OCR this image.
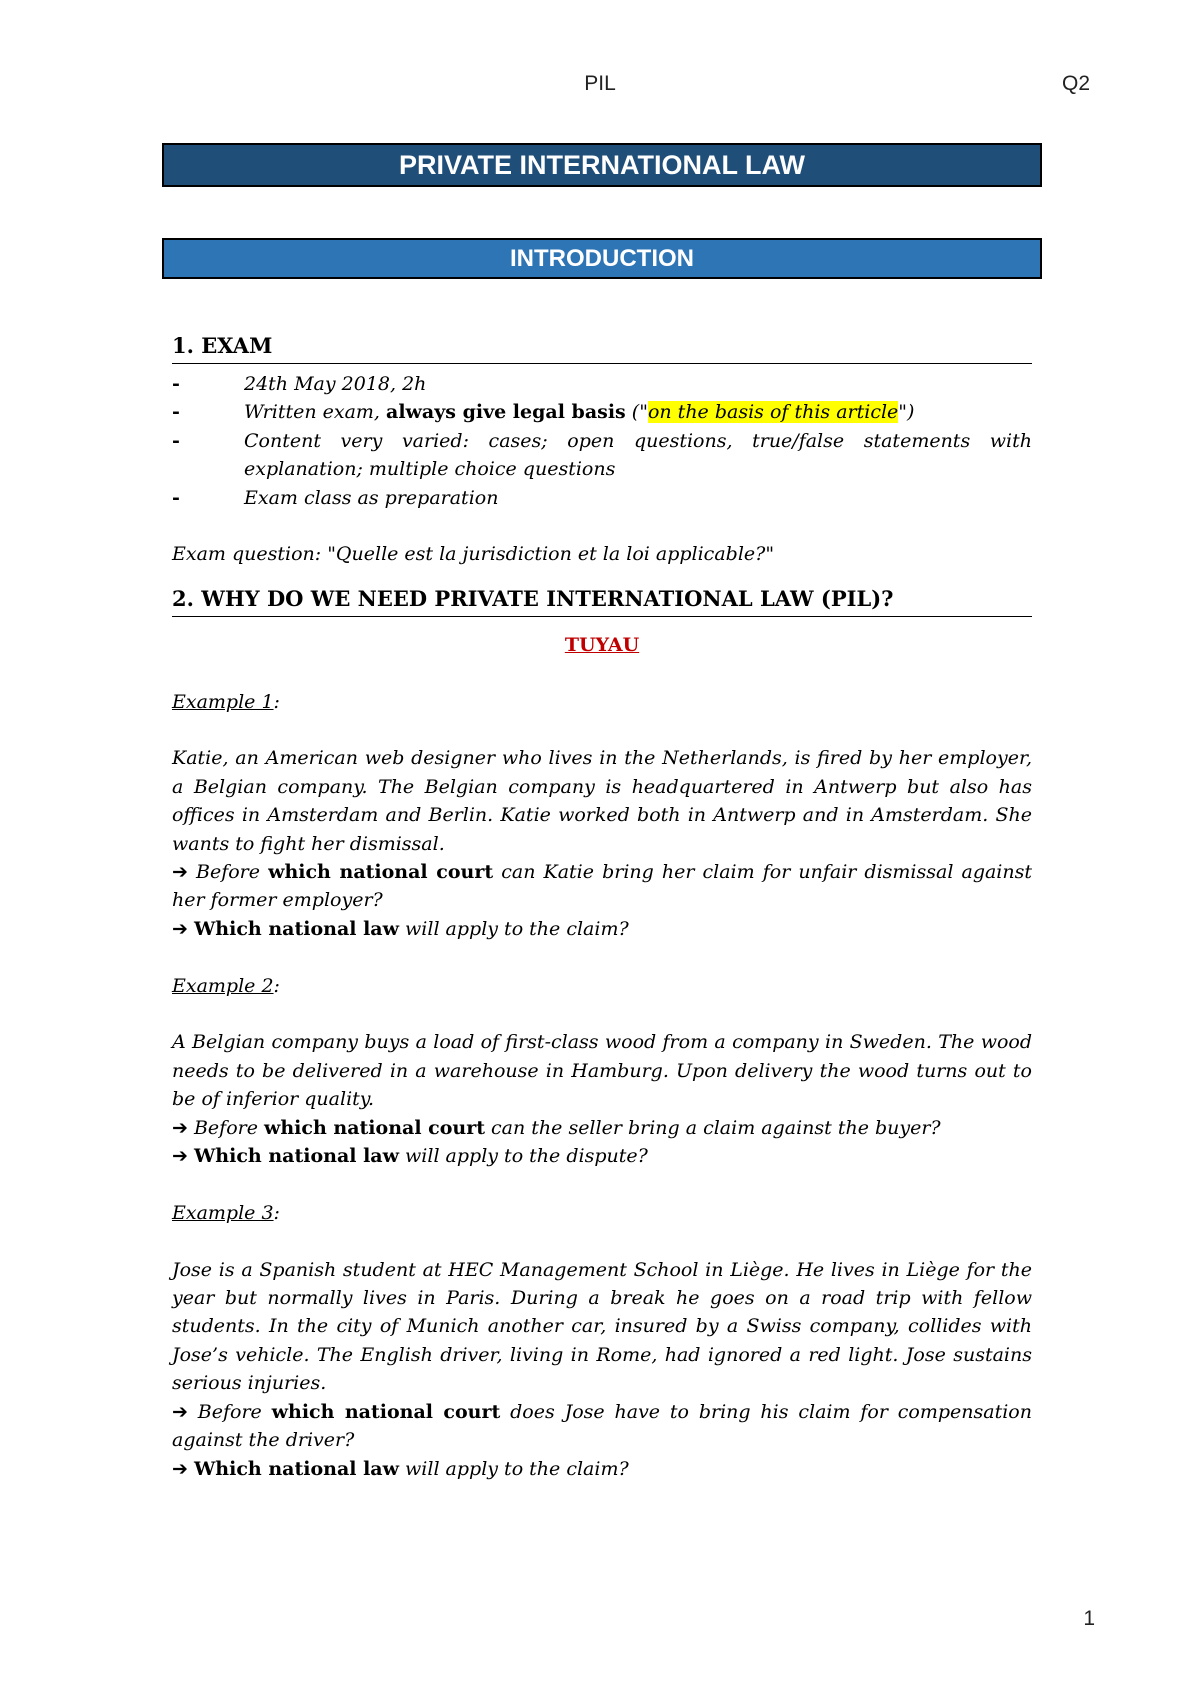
PIL	Q2
PRIVATE INTERNATIONAL LAW
INTRODUCTION
1. EXAM
- 24th May 2018, 2h
- Written exam, always give legal basis ("on the basis of this article")
- Content very varied: cases; open questions, true/false statements with explanation; multiple choice questions
- Exam class as preparation
Exam question: "Quelle est la jurisdiction et la loi applicable?"
2. WHY DO WE NEED PRIVATE INTERNATIONAL LAW (PIL)?
TUYAU
Example 1:
Katie, an American web designer who lives in the Netherlands, is fired by her employer, a Belgian company. The Belgian company is headquartered in Antwerp but also has offices in Amsterdam and Berlin. Katie worked both in Antwerp and in Amsterdam. She wants to fight her dismissal.
➔ Before which national court can Katie bring her claim for unfair dismissal against her former employer?
➔ Which national law will apply to the claim?
Example 2:
A Belgian company buys a load of first-class wood from a company in Sweden. The wood needs to be delivered in a warehouse in Hamburg. Upon delivery the wood turns out to be of inferior quality.
➔ Before which national court can the seller bring a claim against the buyer?
➔ Which national law will apply to the dispute?
Example 3:
Jose is a Spanish student at HEC Management School in Liège. He lives in Liège for the year but normally lives in Paris. During a break he goes on a road trip with fellow students. In the city of Munich another car, insured by a Swiss company, collides with Jose’s vehicle. The English driver, living in Rome, had ignored a red light. Jose sustains serious injuries.
➔ Before which national court does Jose have to bring his claim for compensation against the driver?
➔ Which national law will apply to the claim?
1
